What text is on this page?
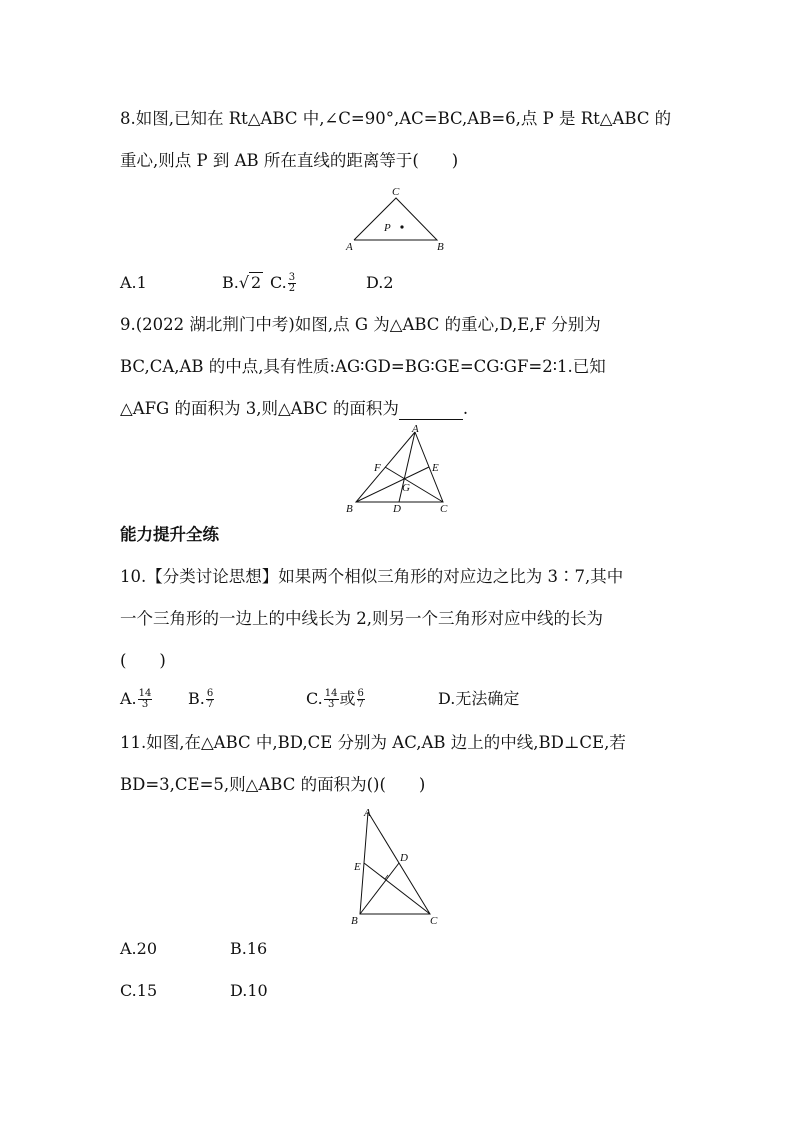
8.如图,已知在 Rt△ABC 中,∠C=90°,AC=BC,AB=6,点 P 是 Rt△ABC 的
重心,则点 P 到 AB 所在直线的距离等于(　　)
C
A	B
P
A.1	B.√ 2 C. $\frac{3}{2}$	D.2
9.(2022 湖北荆门中考)如图,点 G 为△ABC 的重心,D,E,F 分别为
BC,CA,AB 的中点,具有性质:AG∶GD=BG∶GE=CG∶GF=2∶1.已知
△AFG 的面积为 3,则△ABC 的面积为	.
A
B	C
D
E
F
G
能力提升全练
10.【分类讨论思想】如果两个相似三角形的对应边之比为 3∶7,其中
一个三角形的一边上的中线长为 2,则另一个三角形对应中线的长为
(　　)
A. $\frac{14}{3} B$. $\frac{6}{7}$	C. $\frac{14}{3}$ 或 $\frac{6}{7}$	D.无法确定
11.如图,在△ABC 中,BD,CE 分别为 AC,AB 边上的中线,BD⊥CE,若
BD=3,CE=5,则△ABC 的面积为()(　　)
A
B	C
D
E
A.20	B.16
C.15	D.10
